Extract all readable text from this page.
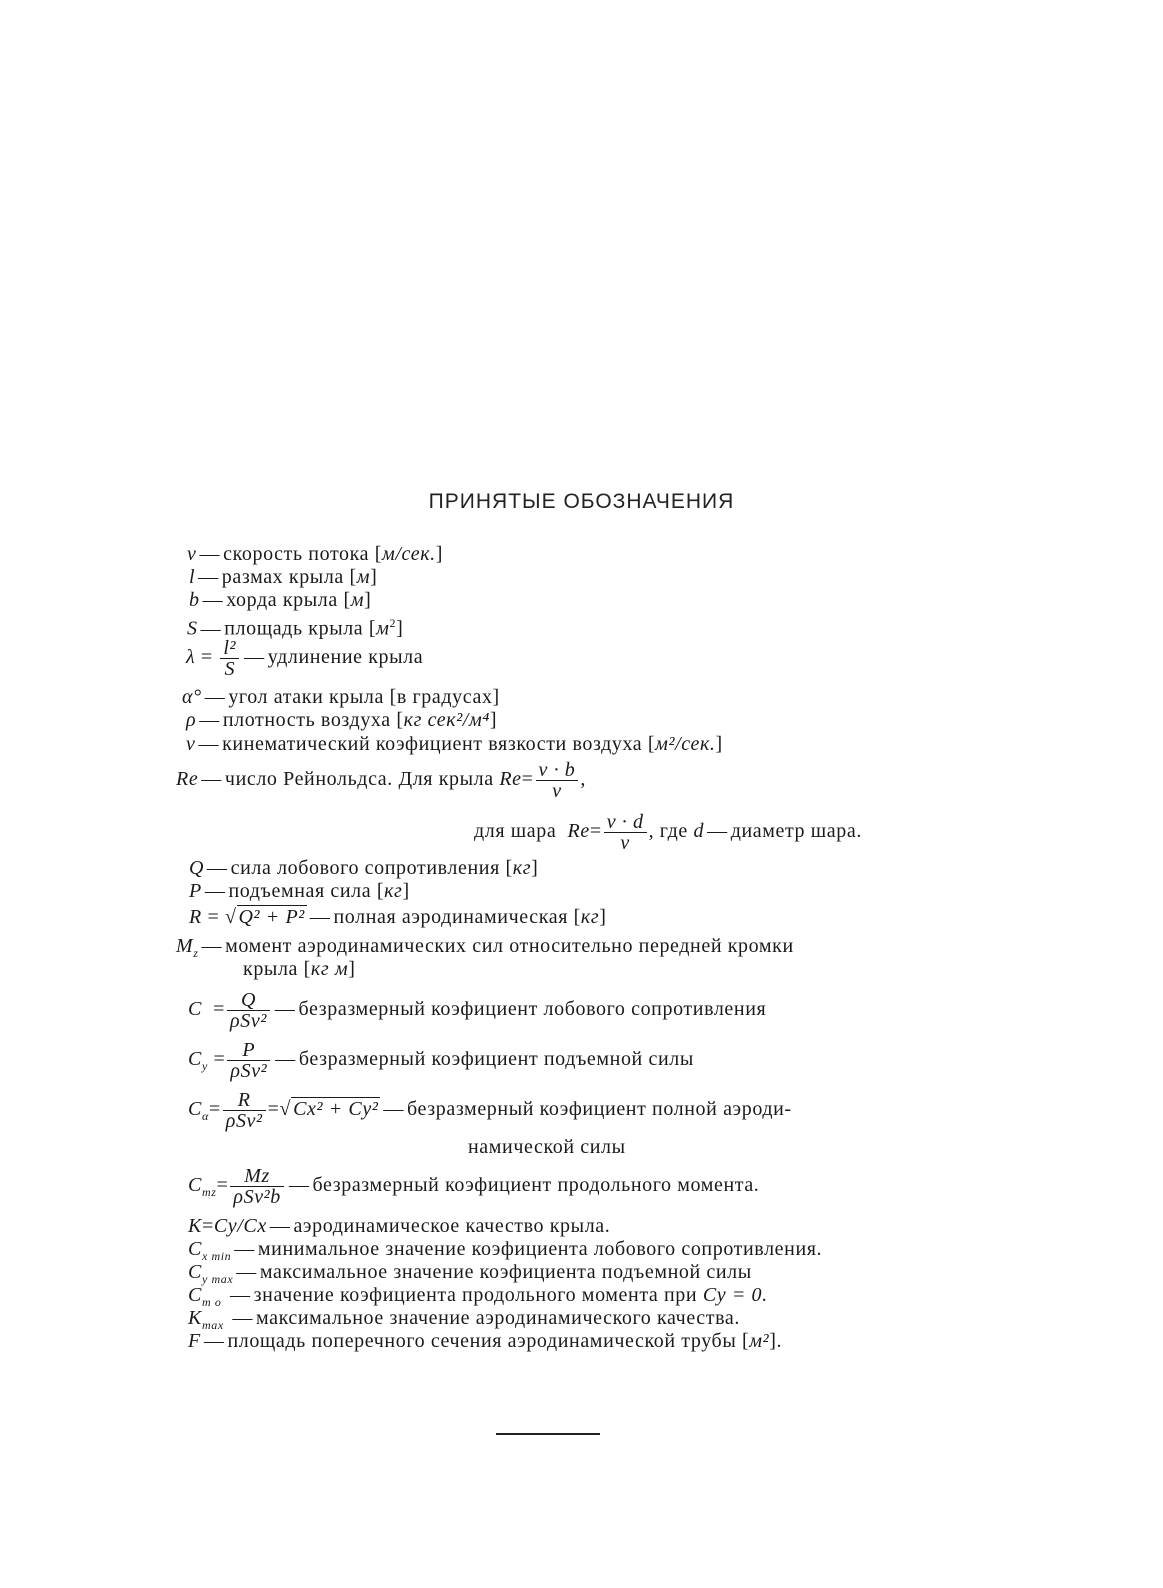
ПРИНЯТЫЕ ОБОЗНАЧЕНИЯ
v — скорость потока [м/сек.]
l — размах крыла [м]
b — хорда крыла [м]
S — площадь крыла $[м^2]$
$\lambda = \frac{\text{l²}}{S}$ — удлинение крыла
α° — угол атаки крыла [в градусах]
ρ — плотность воздуха [кг сек²/м⁴]
ν — кинематический коэфициент вязкости воздуха [м²/сек.]
Re — число Рейнольдса. Для крыла $Re= \frac{v \cdot b}{\nu}$ ,
для шара $Re= \frac{v \cdot d}{\nu}$ , где d — диаметр шара.
Q — сила лобового сопротивления [кг]
P — подъемная сила [кг]
R = √ Q² + P² — полная аэродинамическая [кг]
$M_z$ — момент аэродинамических сил относительно передней кромки
крыла [кг м]
$C = \frac{Q}{\text{ρSv²}}$ — безразмерный коэфициент лобового сопротивления
$C_y = \frac{P}{\text{ρSv²}}$ — безразмерный коэфициент подъемной силы
$C_\alpha= \frac{R}{\text{ρSv²}}$ =√ Cx² + Cy² — безразмерный коэфициент полной аэроди-
намической силы
$C_{mz}= \frac{Mz}{\text{ρSv²b}}$ — безразмерный коэфициент продольного момента.
K=Cy/Cx — аэродинамическое качество крыла.
$C_{x min}$ — минимальное значение коэфициента лобового сопротивления.
$C_{y max}$ — максимальное значение коэфициента подъемной силы
$C_{m o}$ — значение коэфициента продольного момента при Cy = 0.
$K_{max}$ — максимальное значение аэродинамического качества.
F — площадь поперечного сечения аэродинамической трубы [м²].
